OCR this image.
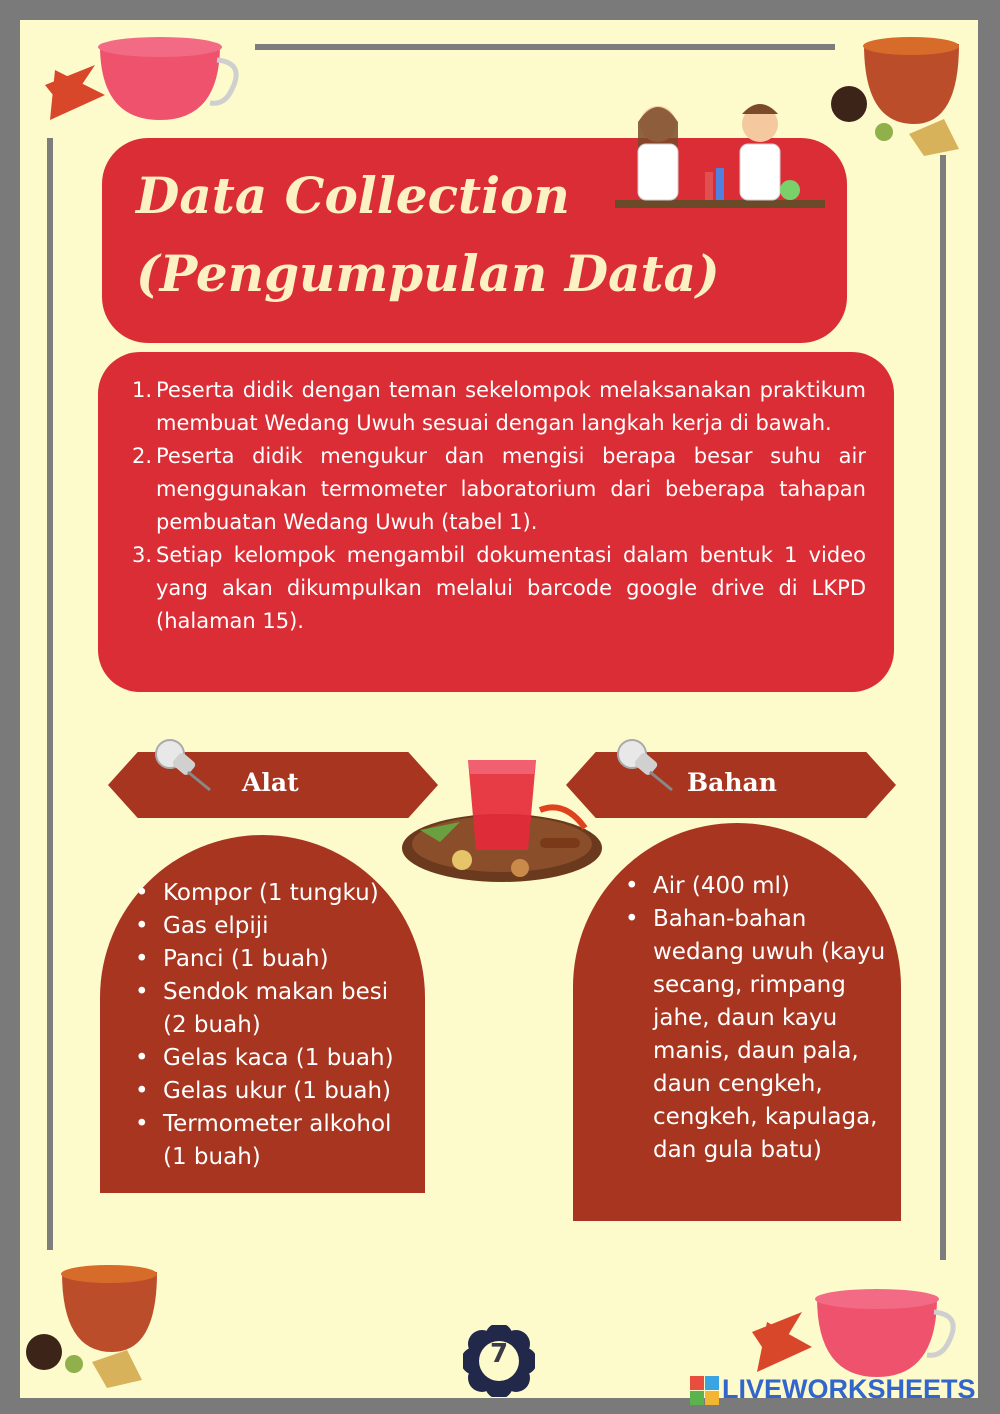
Data Collection
(Pengumpulan Data)
Peserta didik dengan teman sekelompok melaksanakan praktikum membuat Wedang Uwuh sesuai dengan langkah kerja di bawah.
Peserta didik mengukur dan mengisi berapa besar suhu air menggunakan termometer laboratorium dari beberapa tahapan pembuatan Wedang Uwuh (tabel 1).
Setiap kelompok mengambil dokumentasi dalam bentuk 1 video yang akan dikumpulkan melalui barcode google drive di LKPD (halaman 15).
Alat	Bahan
• Kompor (1 tungku)
• Gas elpiji
• Panci (1 buah)
• Sendok makan besi (2 buah)
• Gelas kaca (1 buah)
• Gelas ukur (1 buah)
• Termometer alkohol (1 buah)
• Air (400 ml)
• Bahan-bahan wedang uwuh (kayu secang, rimpang jahe, daun kayu manis, daun pala, daun cengkeh, cengkeh, kapulaga, dan gula batu)
7
LIVEWORKSHEETS
